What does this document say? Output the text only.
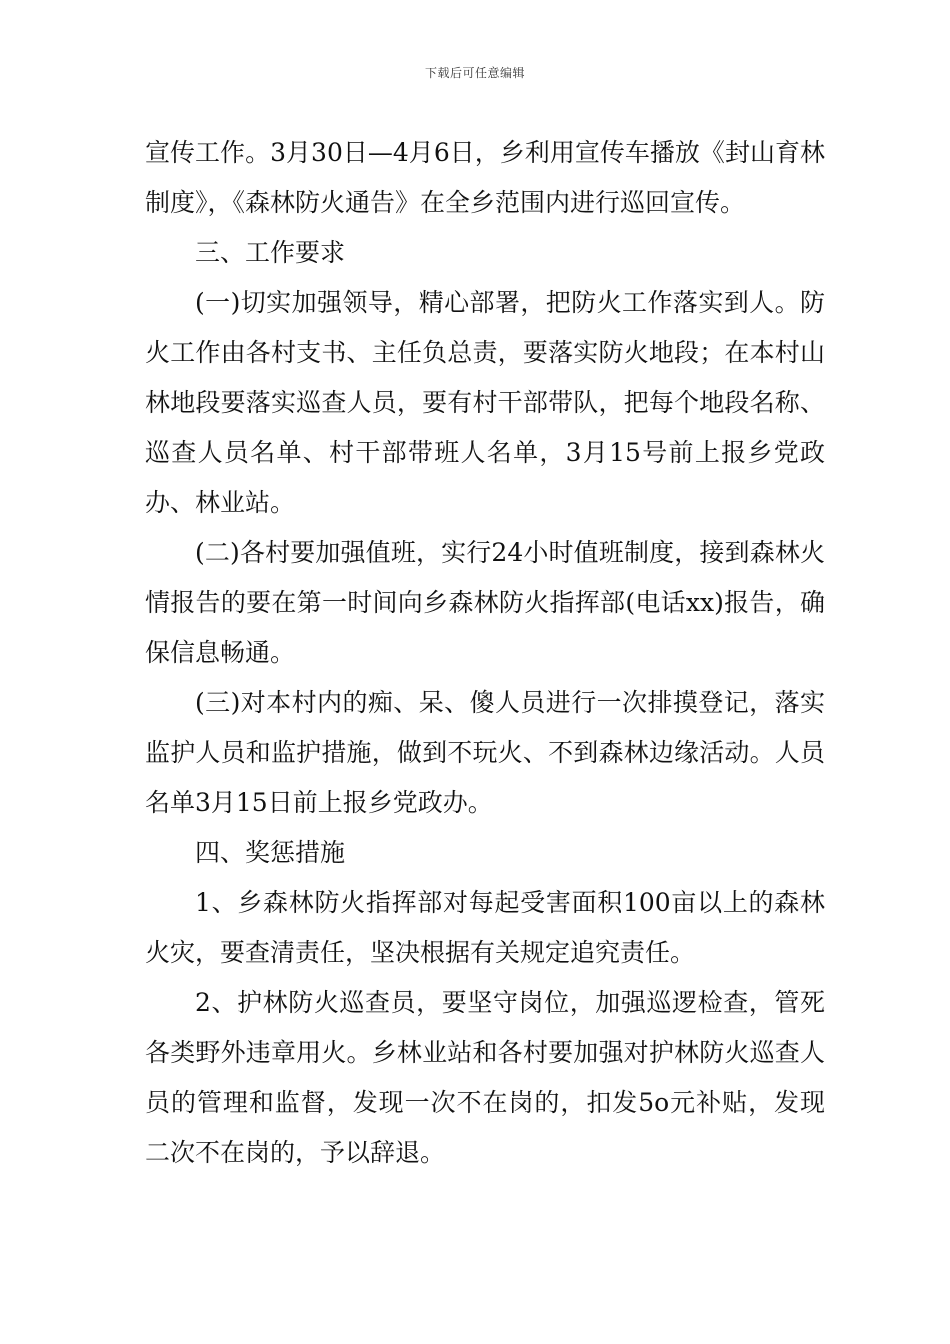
下载后可任意编辑

宣传工作。3月30日—4月6日，乡利用宣传车播放《封山育林制度》，《森林防火通告》在全乡范围内进行巡回宣传。

三、工作要求

(一)切实加强领导，精心部署，把防火工作落实到人。防火工作由各村支书、主任负总责，要落实防火地段；在本村山林地段要落实巡查人员，要有村干部带队，把每个地段名称、巡查人员名单、村干部带班人名单，3月15号前上报乡党政办、林业站。

(二)各村要加强值班，实行24小时值班制度，接到森林火情报告的要在第一时间向乡森林防火指挥部(电话xx)报告，确保信息畅通。

(三)对本村内的痴、呆、傻人员进行一次排摸登记，落实监护人员和监护措施，做到不玩火、不到森林边缘活动。人员名单3月15日前上报乡党政办。

四、奖惩措施

1、乡森林防火指挥部对每起受害面积100亩以上的森林火灾，要查清责任，坚决根据有关规定追究责任。

2、护林防火巡查员，要坚守岗位，加强巡逻检查，管死各类野外违章用火。乡林业站和各村要加强对护林防火巡查人员的管理和监督，发现一次不在岗的，扣发5o元补贴，发现二次不在岗的，予以辞退。
